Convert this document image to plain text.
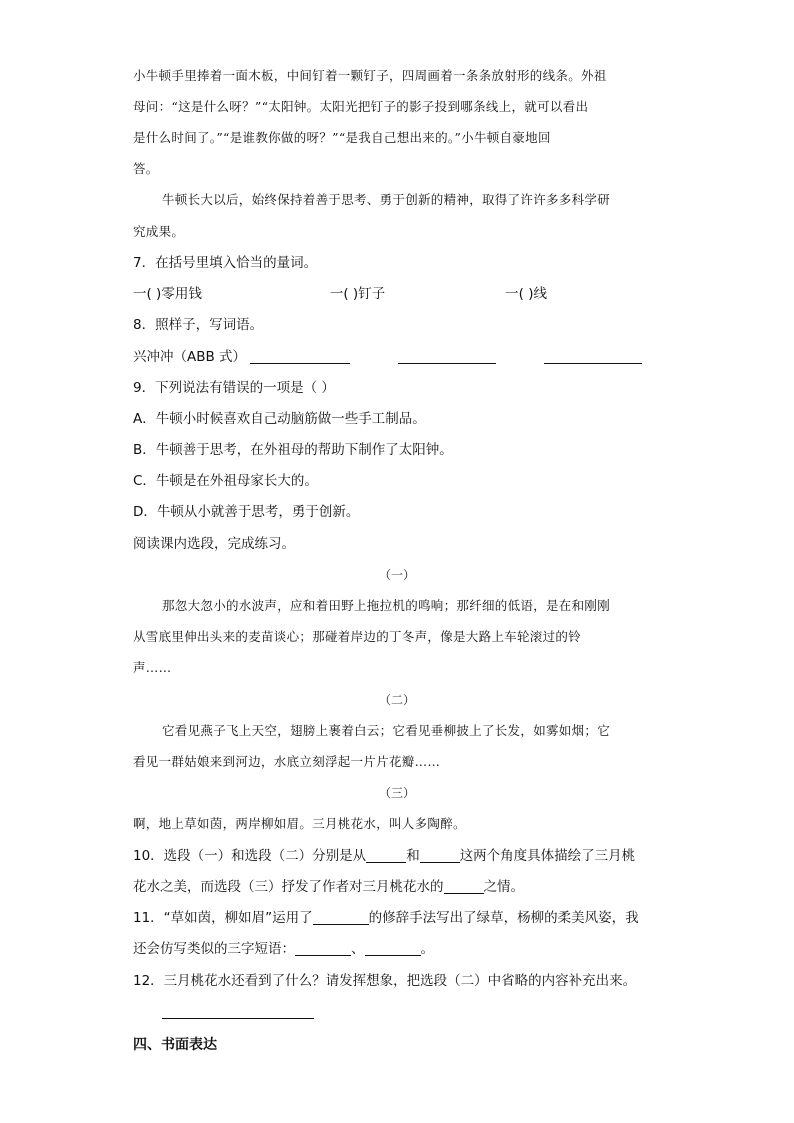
小牛顿手里捧着一面木板，中间钉着一颗钉子，四周画着一条条放射形的线条。外祖
母问：“这是什么呀？”“太阳钟。太阳光把钉子的影子投到哪条线上，就可以看出
是什么时间了。”“是谁教你做的呀？”“是我自己想出来的。”小牛顿自豪地回
答。
牛顿长大以后，始终保持着善于思考、勇于创新的精神，取得了许许多多科学研
究成果。
7．在括号里填入恰当的量词。
一( )零用钱	一( )钉子	一( )线
8．照样子，写词语。
兴冲冲（ABB 式）
9．下列说法有错误的一项是（ ）
A．牛顿小时候喜欢自己动脑筋做一些手工制品。
B．牛顿善于思考，在外祖母的帮助下制作了太阳钟。
C．牛顿是在外祖母家长大的。
D．牛顿从小就善于思考，勇于创新。
阅读课内选段，完成练习。
（一）
那忽大忽小的水波声，应和着田野上拖拉机的鸣响；那纤细的低语，是在和刚刚
从雪底里伸出头来的麦苗谈心；那碰着岸边的丁冬声，像是大路上车轮滚过的铃
声……
（二）
它看见燕子飞上天空，翅膀上裹着白云；它看见垂柳披上了长发，如雾如烟；它
看见一群姑娘来到河边，水底立刻浮起一片片花瓣……
（三）
啊，地上草如茵，两岸柳如眉。三月桃花水，叫人多陶醉。
10．选段（一）和选段（二）分别是从	和	这两个角度具体描绘了三月桃
花水之美，而选段（三）抒发了作者对三月桃花水的	之情。
11．“草如茵，柳如眉”运用了	的修辞手法写出了绿草，杨柳的柔美风姿，我
还会仿写类似的三字短语：	、	。
12．三月桃花水还看到了什么？请发挥想象，把选段（二）中省略的内容补充出来。
四、书面表达
